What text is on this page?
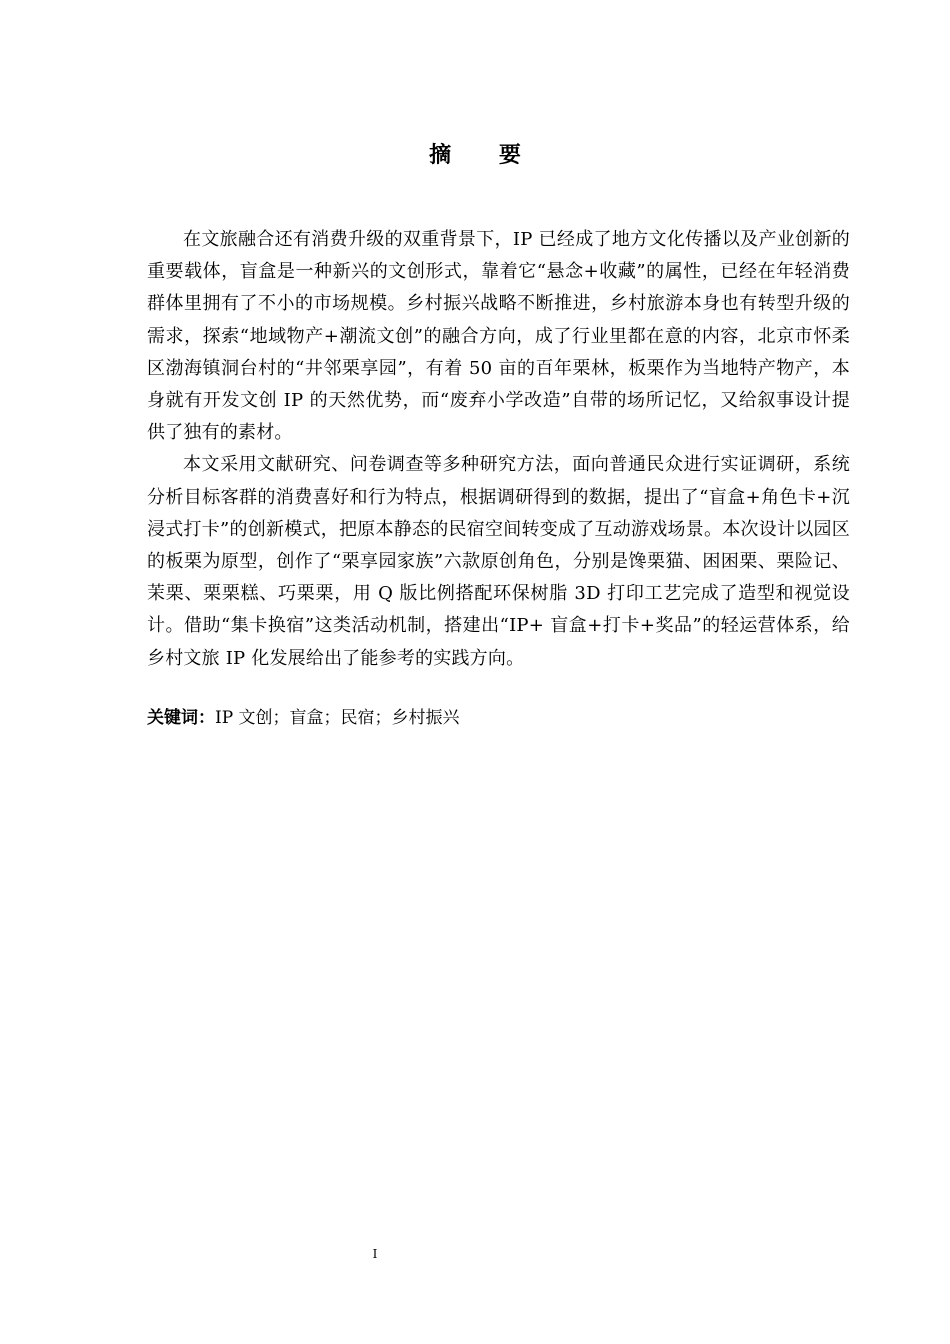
摘 要

在文旅融合还有消费升级的双重背景下，IP 已经成了地方文化传播以及产业创新的重要载体，盲盒是一种新兴的文创形式，靠着它“悬念+收藏”的属性，已经在年轻消费群体里拥有了不小的市场规模。乡村振兴战略不断推进，乡村旅游本身也有转型升级的需求，探索“地域物产+潮流文创”的融合方向，成了行业里都在意的内容，北京市怀柔区渤海镇洞台村的“井邻栗享园”，有着 50 亩的百年栗林，板栗作为当地特产物产，本身就有开发文创 IP 的天然优势，而“废弃小学改造”自带的场所记忆，又给叙事设计提供了独有的素材。

本文采用文献研究、问卷调查等多种研究方法，面向普通民众进行实证调研，系统分析目标客群的消费喜好和行为特点，根据调研得到的数据，提出了“盲盒+角色卡+沉浸式打卡”的创新模式，把原本静态的民宿空间转变成了互动游戏场景。本次设计以园区的板栗为原型，创作了“栗享园家族”六款原创角色，分别是馋栗猫、困困栗、栗险记、茉栗、栗栗糕、巧栗栗，用 Q 版比例搭配环保树脂 3D 打印工艺完成了造型和视觉设计。借助“集卡换宿”这类活动机制，搭建出“IP+ 盲盒+打卡+奖品”的轻运营体系，给乡村文旅 IP 化发展给出了能参考的实践方向。

关键词：IP 文创；盲盒；民宿；乡村振兴
I
